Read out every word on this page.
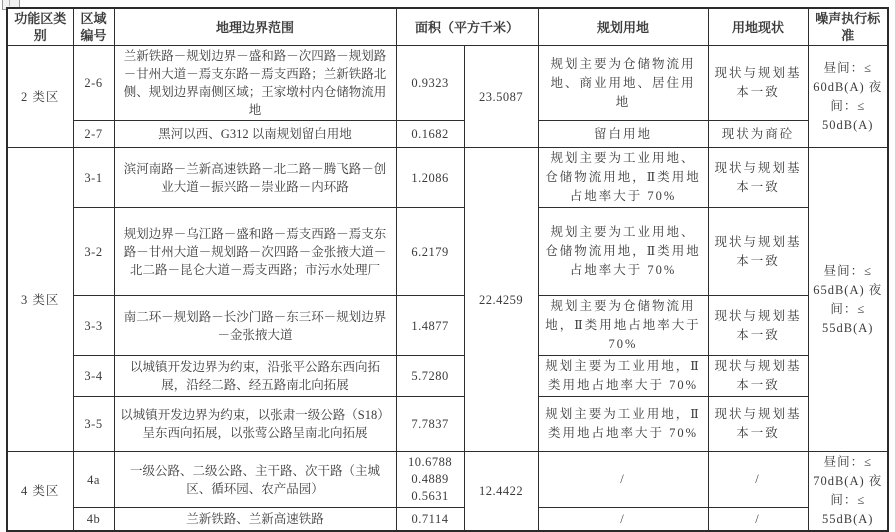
功能区类别	区域编号	地理边界范围	面积（平方千米）		规划用地	用地现状	噪声执行标准
2 类区	2-6	兰新铁路－规划边界－盛和路－次四路－规划路－甘州大道－焉支东路－焉支西路；兰新铁路北侧、规划边界南侧区域；王家墩村内仓储物流用地	0.9323	23.5087	规划主要为仓储物流用地、商业用地、居住用地	现状与规划基本一致	昼间：≤ 60dB(A) 夜间：≤ 50dB(A)
	2-7	黑河以西、G312 以南规划留白用地	0.1682		留白用地	现状为商砼	
3 类区	3-1	滨河南路－兰新高速铁路－北二路－腾飞路－创业大道－振兴路－崇业路－内环路	1.2086	22.4259	规划主要为工业用地、仓储物流用地，Ⅱ类用地占地率大于 70%	现状与规划基本一致	昼间：≤ 65dB(A) 夜间：≤ 55dB(A)
	3-2	规划边界－乌江路－盛和路－焉支西路－焉支东路－甘州大道－规划路－次四路－金张掖大道－北二路－昆仑大道－焉支西路；市污水处理厂	6.2179		规划主要为工业用地、仓储物流用地，Ⅱ类用地占地率大于 70%	现状与规划基本一致	
	3-3	南二环－规划路－长沙门路－东三环－规划边界－金张掖大道	1.4877		规划主要为仓储物流用地，Ⅱ类用地占地率大于 70%	现状与规划基本一致	
	3-4	以城镇开发边界为约束，沿张平公路东西向拓展，沿经二路、经五路南北向拓展	5.7280		规划主要为工业用地，Ⅱ类用地占地率大于 70%	现状与规划基本一致	
	3-5	以城镇开发边界为约束，以张肃一级公路（S18）呈东西向拓展，以张莺公路呈南北向拓展	7.7837		规划主要为工业用地，Ⅱ类用地占地率大于 70%	现状与规划基本一致	
4 类区	4a	一级公路、二级公路、主干路、次干路（主城区、循环园、农产品园）	10.6788
0.4889
0.5631	12.4422	/	/	昼间：≤ 70dB(A) 夜间：≤ 55dB(A)
	4b	兰新铁路、兰新高速铁路	0.7114		/	/	
